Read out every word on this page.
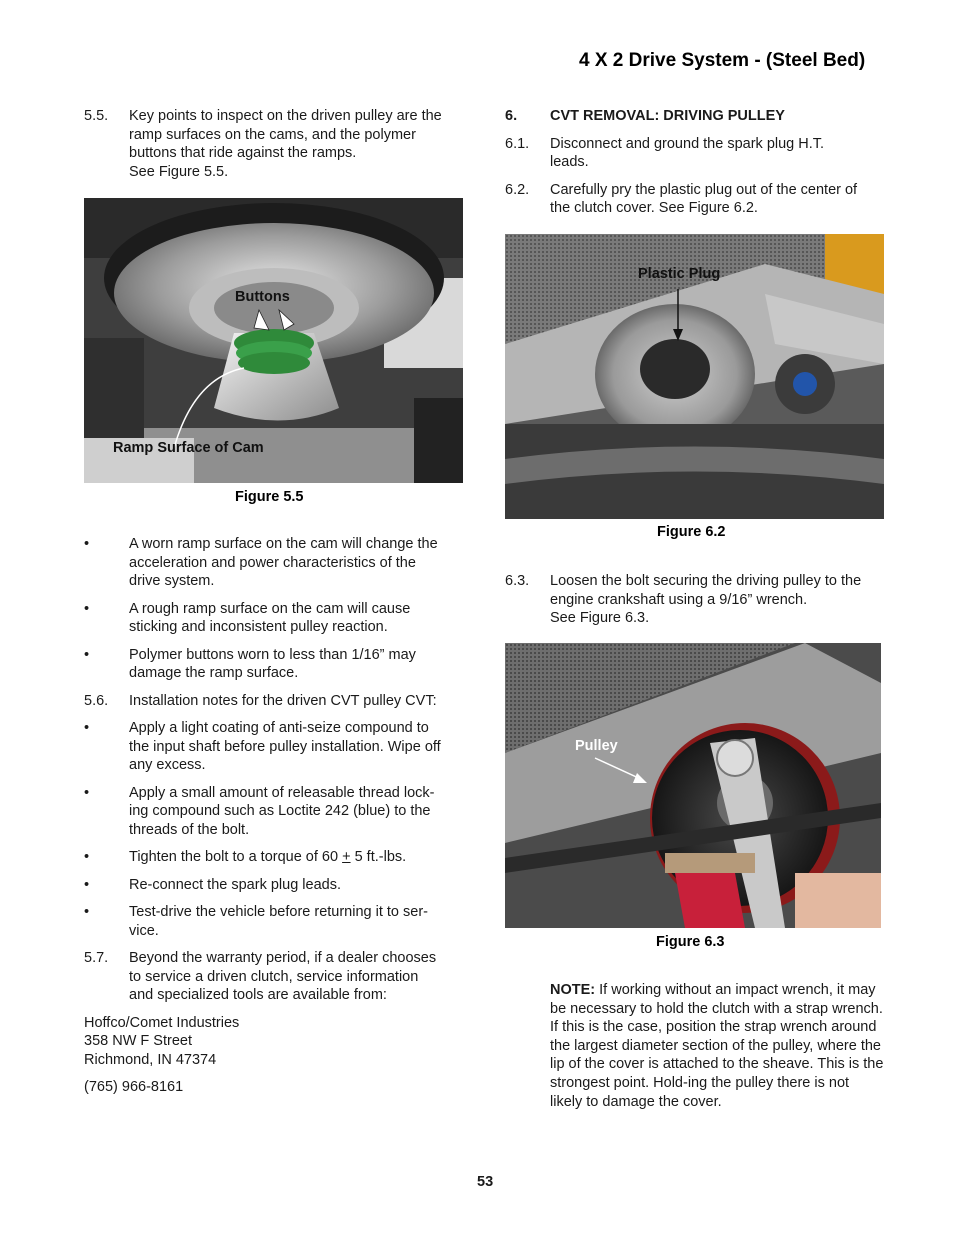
4 X 2 Drive System - (Steel Bed)
5.5. Key points to inspect on the driven pulley are the
ramp surfaces on the cams, and the polymer
buttons that ride against the ramps.
See Figure 5.5.
Buttons
Ramp Surface of Cam
Figure 5.5
•	A worn ramp surface on the cam will change the
acceleration and power characteristics of the
drive system.
•	A rough ramp surface on the cam will cause
sticking and inconsistent pulley reaction.
•	Polymer buttons worn to less than 1/16” may
damage the ramp surface.
5.6. Installation notes for the driven CVT pulley CVT:
•	Apply a light coating of anti-seize compound to
the input shaft before pulley installation. Wipe off
any excess.
•	Apply a small amount of releasable thread lock-
ing compound such as Loctite 242 (blue) to the
threads of the bolt.
•	Tighten the bolt to a torque of 60 + 5 ft.-lbs.
•	Re-connect the spark plug leads.
•	Test-drive the vehicle before returning it to ser-
vice.
5.7. Beyond the warranty period, if a dealer chooses
to service a driven clutch, service information
and specialized tools are available from:
Hoffco/Comet Industries
358 NW F Street
Richmond, IN 47374
(765) 966-8161
6. CVT REMOVAL: DRIVING PULLEY
6.1. Disconnect and ground the spark plug H.T.
leads.
6.2. Carefully pry the plastic plug out of the center of
the clutch cover. See Figure 6.2.
Plastic Plug
Figure 6.2
6.3. Loosen the bolt securing the driving pulley to the
engine crankshaft using a 9/16” wrench.
See Figure 6.3.
Pulley
Figure 6.3
NOTE: If working without an impact wrench, it may be necessary to hold the clutch with a strap wrench. If this is the case, position the strap wrench around the largest diameter section of the pulley, where the lip of the cover is attached to the sheave. This is the strongest point. Hold-ing the pulley there is not likely to damage the cover.
53
